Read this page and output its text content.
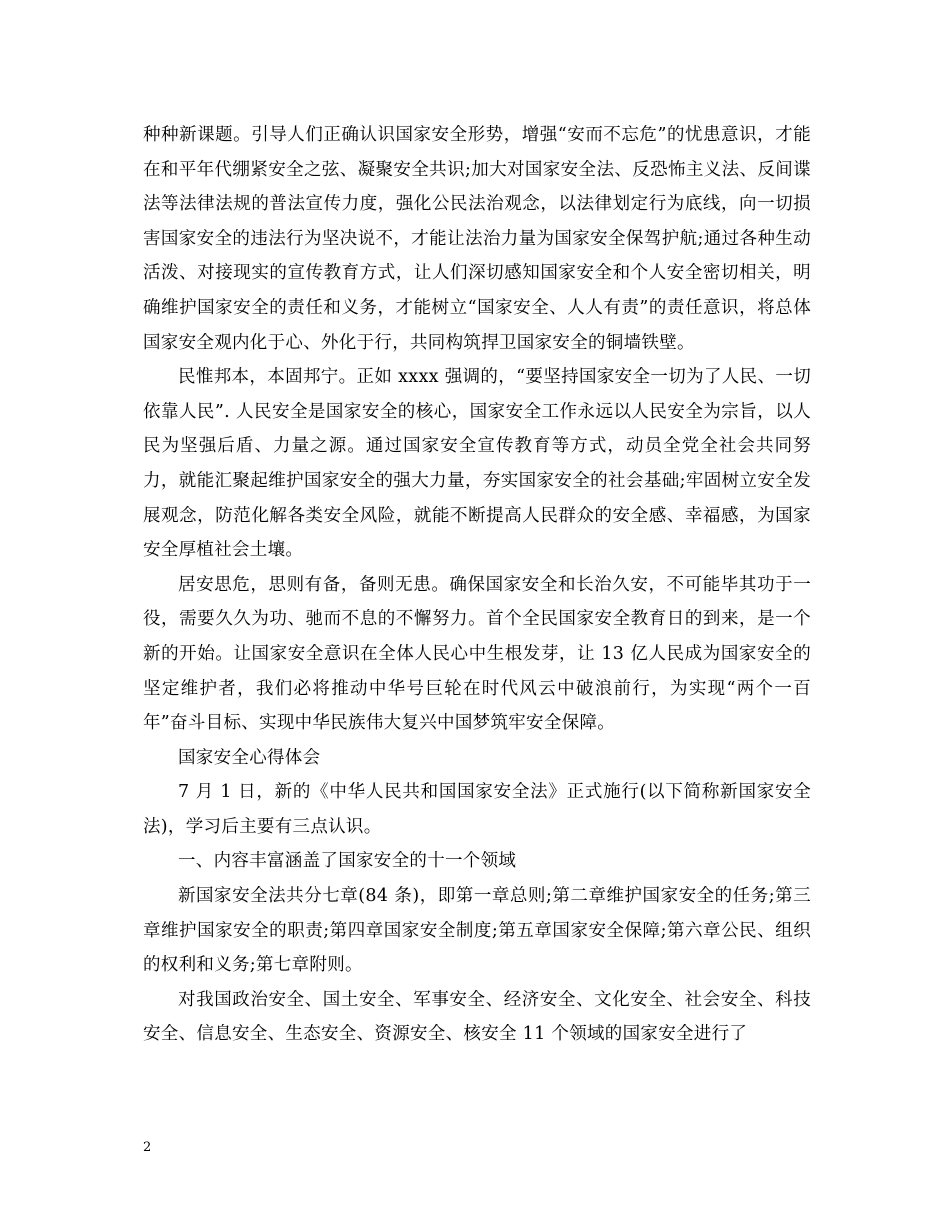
种种新课题。引导人们正确认识国家安全形势，增强“安而不忘危”的忧患意识，才能在和平年代绷紧安全之弦、凝聚安全共识;加大对国家安全法、反恐怖主义法、反间谍法等法律法规的普法宣传力度，强化公民法治观念，以法律划定行为底线，向一切损害国家安全的违法行为坚决说不，才能让法治力量为国家安全保驾护航;通过各种生动活泼、对接现实的宣传教育方式，让人们深切感知国家安全和个人安全密切相关，明确维护国家安全的责任和义务，才能树立“国家安全、人人有责”的责任意识，将总体国家安全观内化于心、外化于行，共同构筑捍卫国家安全的铜墙铁壁。

民惟邦本，本固邦宁。正如 xxxx 强调的，“要坚持国家安全一切为了人民、一切依靠人民”. 人民安全是国家安全的核心，国家安全工作永远以人民安全为宗旨，以人民为坚强后盾、力量之源。通过国家安全宣传教育等方式，动员全党全社会共同努力，就能汇聚起维护国家安全的强大力量，夯实国家安全的社会基础;牢固树立安全发展观念，防范化解各类安全风险，就能不断提高人民群众的安全感、幸福感，为国家安全厚植社会土壤。

居安思危，思则有备，备则无患。确保国家安全和长治久安，不可能毕其功于一役，需要久久为功、驰而不息的不懈努力。首个全民国家安全教育日的到来，是一个新的开始。让国家安全意识在全体人民心中生根发芽，让 13 亿人民成为国家安全的坚定维护者，我们必将推动中华号巨轮在时代风云中破浪前行，为实现“两个一百年”奋斗目标、实现中华民族伟大复兴中国梦筑牢安全保障。

国家安全心得体会

7 月 1 日，新的《中华人民共和国国家安全法》正式施行(以下简称新国家安全法)，学习后主要有三点认识。

一、内容丰富涵盖了国家安全的十一个领域

新国家安全法共分七章(84 条)，即第一章总则;第二章维护国家安全的任务;第三章维护国家安全的职责;第四章国家安全制度;第五章国家安全保障;第六章公民、组织的权利和义务;第七章附则。

对我国政治安全、国土安全、军事安全、经济安全、文化安全、社会安全、科技安全、信息安全、生态安全、资源安全、核安全 11 个领域的国家安全进行了

2
